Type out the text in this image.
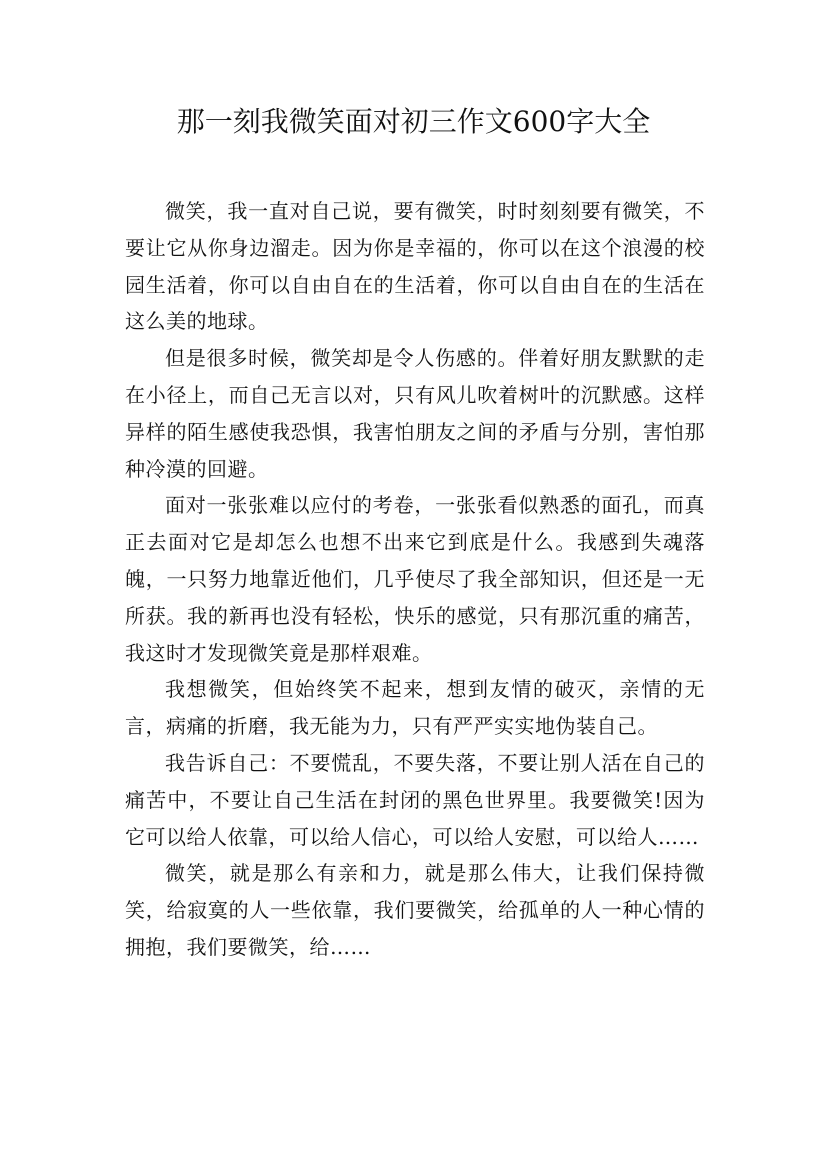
那一刻我微笑面对初三作文600字大全

微笑，我一直对自己说，要有微笑，时时刻刻要有微笑，不要让它从你身边溜走。因为你是幸福的，你可以在这个浪漫的校园生活着，你可以自由自在的生活着，你可以自由自在的生活在这么美的地球。

但是很多时候，微笑却是令人伤感的。伴着好朋友默默的走在小径上，而自己无言以对，只有风儿吹着树叶的沉默感。这样异样的陌生感使我恐惧，我害怕朋友之间的矛盾与分别，害怕那种冷漠的回避。

面对一张张难以应付的考卷，一张张看似熟悉的面孔，而真正去面对它是却怎么也想不出来它到底是什么。我感到失魂落魄，一只努力地靠近他们，几乎使尽了我全部知识，但还是一无所获。我的新再也没有轻松，快乐的感觉，只有那沉重的痛苦，我这时才发现微笑竟是那样艰难。

我想微笑，但始终笑不起来，想到友情的破灭，亲情的无言，病痛的折磨，我无能为力，只有严严实实地伪装自己。

我告诉自己：不要慌乱，不要失落，不要让别人活在自己的痛苦中，不要让自己生活在封闭的黑色世界里。我要微笑!因为它可以给人依靠，可以给人信心，可以给人安慰，可以给人……

微笑，就是那么有亲和力，就是那么伟大，让我们保持微笑，给寂寞的人一些依靠，我们要微笑，给孤单的人一种心情的拥抱，我们要微笑，给……
